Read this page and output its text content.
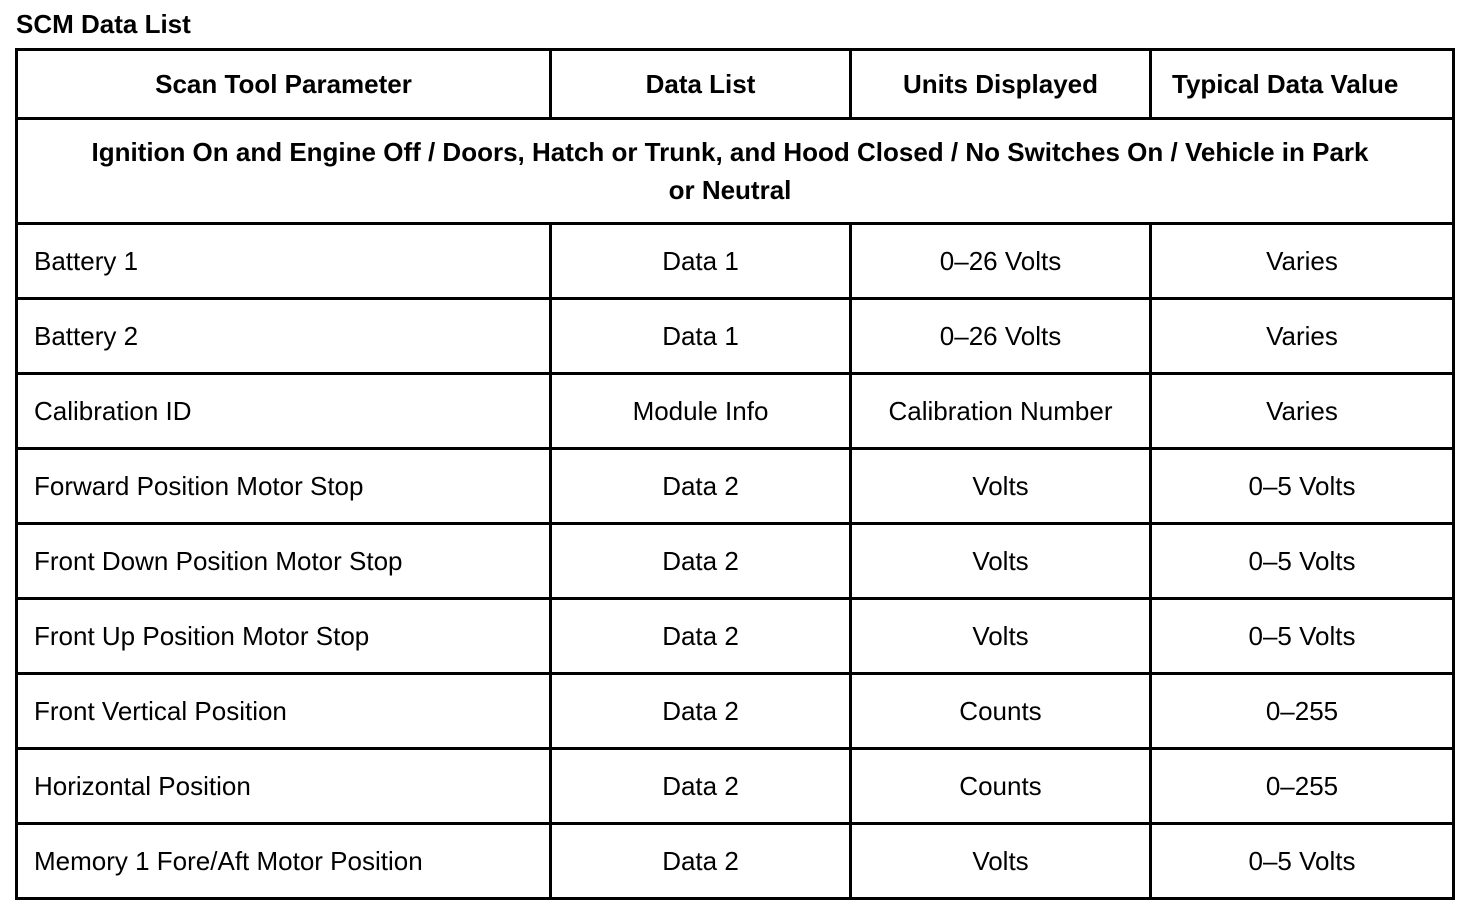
SCM Data List
Scan Tool Parameter	Data List	Units Displayed	Typical Data Value
Ignition On and Engine Off / Doors, Hatch or Trunk, and Hood Closed / No Switches On / Vehicle in Park or Neutral			
Battery 1	Data 1	0–26 Volts	Varies
Battery 2	Data 1	0–26 Volts	Varies
Calibration ID	Module Info	Calibration Number	Varies
Forward Position Motor Stop	Data 2	Volts	0–5 Volts
Front Down Position Motor Stop	Data 2	Volts	0–5 Volts
Front Up Position Motor Stop	Data 2	Volts	0–5 Volts
Front Vertical Position	Data 2	Counts	0–255
Horizontal Position	Data 2	Counts	0–255
Memory 1 Fore/Aft Motor Position	Data 2	Volts	0–5 Volts
